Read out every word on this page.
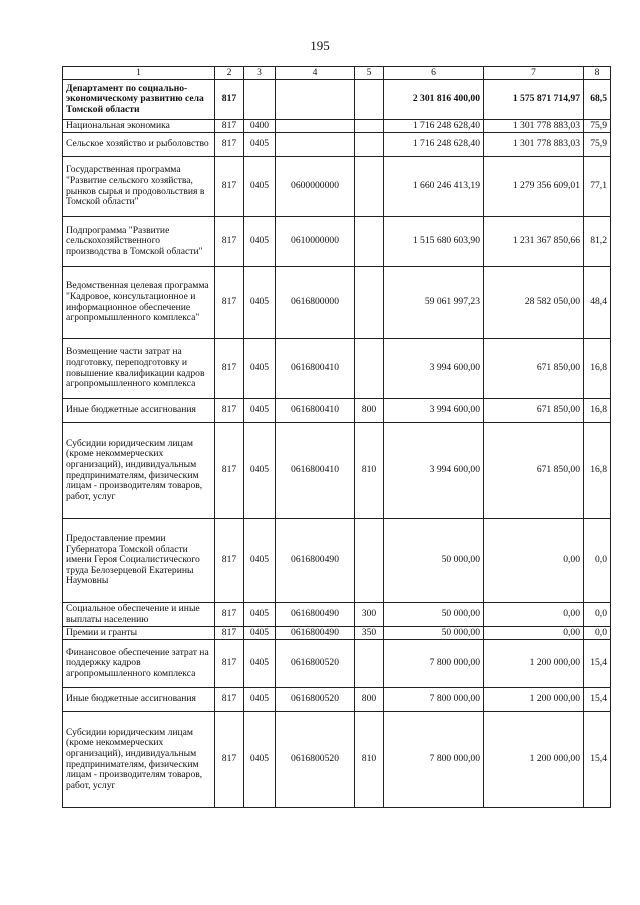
195
1	2	3	4	5	6	7	8
Департамент по социально-экономическому развитию села Томской области	817				2 301 816 400,00	1 575 871 714,97	68,5
Национальная экономика	817	0400			1 716 248 628,40	1 301 778 883,03	75,9
Сельское хозяйство и рыболовство	817	0405			1 716 248 628,40	1 301 778 883,03	75,9
Государственная программа "Развитие сельского хозяйства, рынков сырья и продовольствия в Томской области"	817	0405	0600000000		1 660 246 413,19	1 279 356 609,01	77,1
Подпрограмма "Развитие сельскохозяйственного производства в Томской области"	817	0405	0610000000		1 515 680 603,90	1 231 367 850,66	81,2
Ведомственная целевая программа "Кадровое, консультационное и информационное обеспечение агропромышленного комплекса"	817	0405	0616800000		59 061 997,23	28 582 050,00	48,4
Возмещение части затрат на подготовку, переподготовку и повышение квалификации кадров агропромышленного комплекса	817	0405	0616800410		3 994 600,00	671 850,00	16,8
Иные бюджетные ассигнования	817	0405	0616800410	800	3 994 600,00	671 850,00	16,8
Субсидии юридическим лицам (кроме некоммерческих организаций), индивидуальным предпринимателям, физическим лицам - производителям товаров, работ, услуг	817	0405	0616800410	810	3 994 600,00	671 850,00	16,8
Предоставление премии Губернатора Томской области имени Героя Социалистического труда Белозерцевой Екатерины Наумовны	817	0405	0616800490		50 000,00	0,00	0,0
Социальное обеспечение и иные выплаты населению	817	0405	0616800490	300	50 000,00	0,00	0,0
Премии и гранты	817	0405	0616800490	350	50 000,00	0,00	0,0
Финансовое обеспечение затрат на поддержку кадров агропромышленного комплекса	817	0405	0616800520		7 800 000,00	1 200 000,00	15,4
Иные бюджетные ассигнования	817	0405	0616800520	800	7 800 000,00	1 200 000,00	15,4
Субсидии юридическим лицам (кроме некоммерческих организаций), индивидуальным предпринимателям, физическим лицам - производителям товаров, работ, услуг	817	0405	0616800520	810	7 800 000,00	1 200 000,00	15,4
